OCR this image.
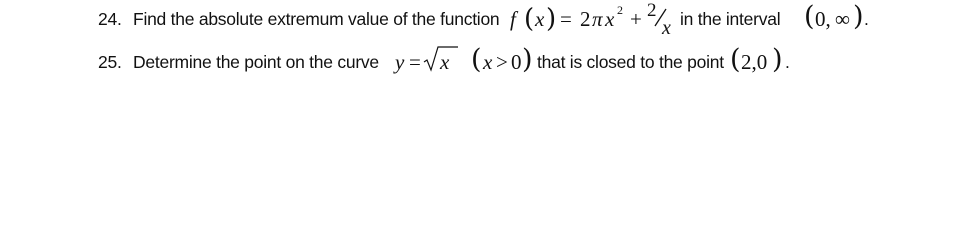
24. Find the absolute extremum value of the function f ( x ) = 2 π x 2 + 2
x in the interval ( 0, ∞ ) .
25. Determine the point on the curve y = x ( x > 0 ) that is closed to the point ( 2,0 ) .
